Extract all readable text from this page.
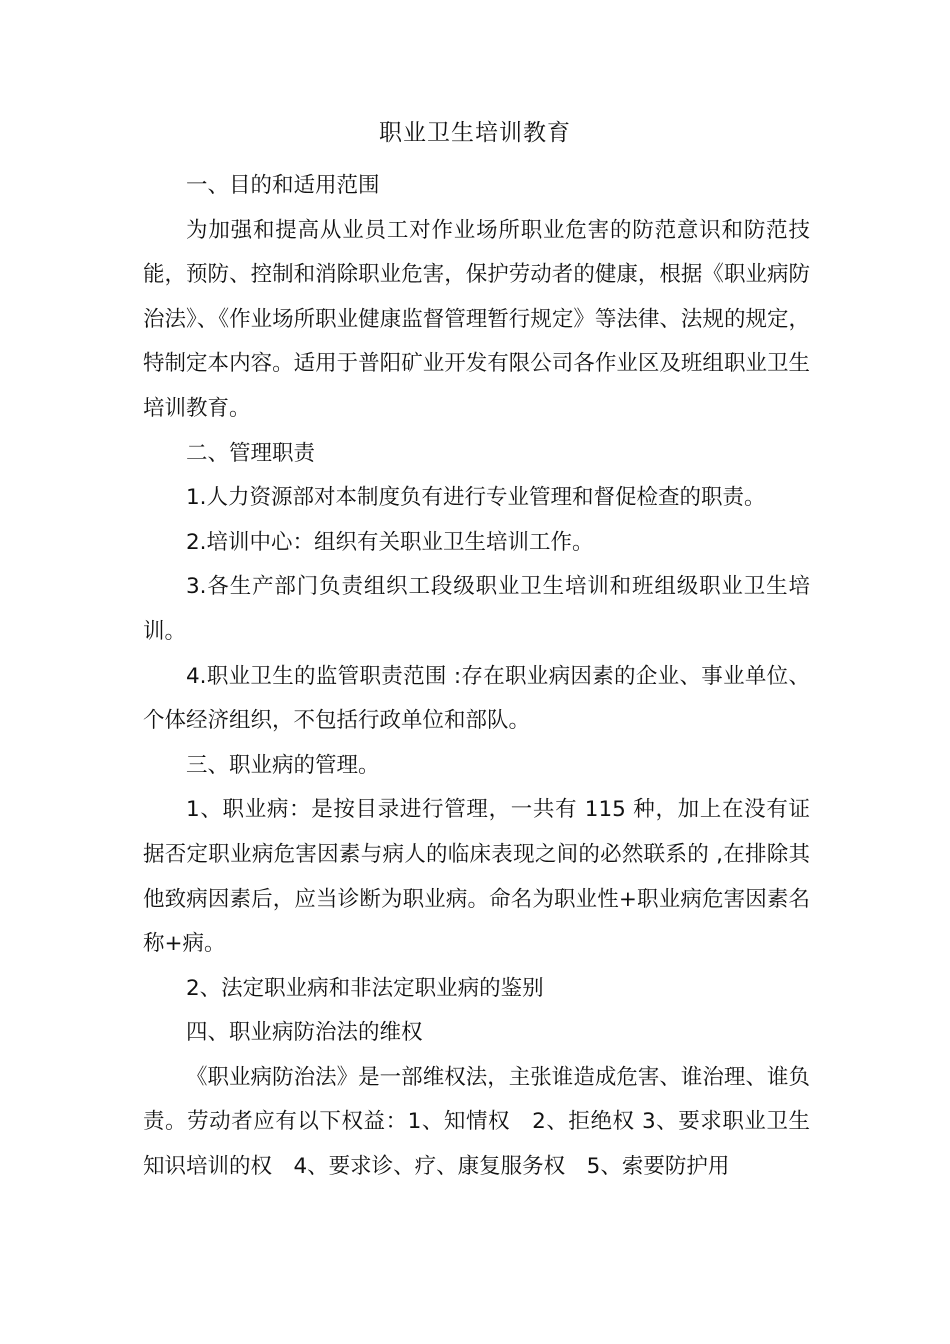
职业卫生培训教育

一、目的和适用范围

为加强和提高从业员工对作业场所职业危害的防范意识和防范技能，预防、控制和消除职业危害，保护劳动者的健康，根据《职业病防治法》、《作业场所职业健康监督管理暂行规定》等法律、法规的规定，特制定本内容。适用于普阳矿业开发有限公司各作业区及班组职业卫生培训教育。

二、管理职责

1.人力资源部对本制度负有进行专业管理和督促检查的职责。

2.培训中心：组织有关职业卫生培训工作。

3.各生产部门负责组织工段级职业卫生培训和班组级职业卫生培训。

4.职业卫生的监管职责范围 :存在职业病因素的企业、事业单位、个体经济组织，不包括行政单位和部队。

三、职业病的管理。

1、职业病：是按目录进行管理，一共有 115 种，加上在没有证据否定职业病危害因素与病人的临床表现之间的必然联系的 ,在排除其他致病因素后，应当诊断为职业病。命名为职业性+职业病危害因素名称+病。

2、法定职业病和非法定职业病的鉴别

四、职业病防治法的维权

《职业病防治法》是一部维权法，主张谁造成危害、谁治理、谁负责。劳动者应有以下权益：1、知情权　2、拒绝权 3、要求职业卫生知识培训的权　4、要求诊、疗、康复服务权　5、索要防护用
